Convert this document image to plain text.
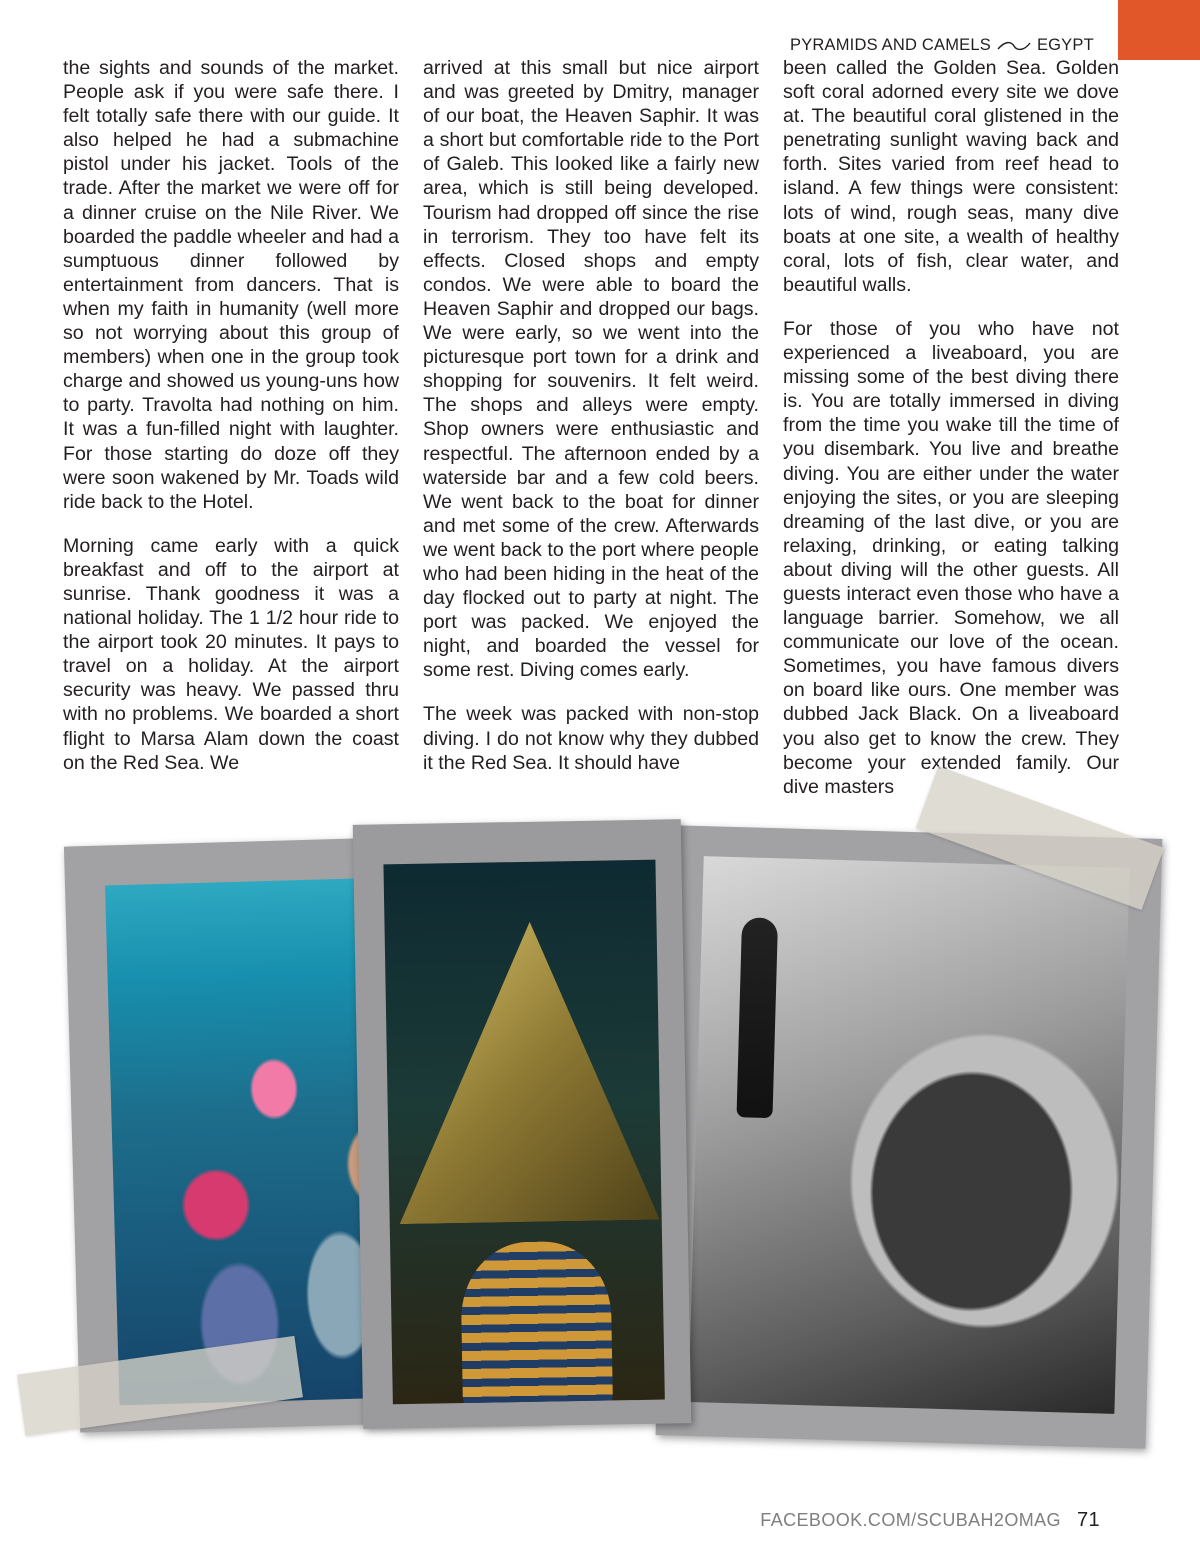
PYRAMIDS AND CAMELS	EGYPT

the sights and sounds of the market. People ask if you were safe there. I felt totally safe there with our guide. It also helped he had a submachine pistol under his jacket. Tools of the trade. After the market we were off for a dinner cruise on the Nile River. We boarded the paddle wheeler and had a sumptuous dinner followed by entertainment from dancers. That is when my faith in humanity (well more so not worrying about this group of members) when one in the group took charge and showed us young-uns how to party. Travolta had nothing on him. It was a fun-filled night with laughter. For those starting do doze off they were soon wakened by Mr. Toads wild ride back to the Hotel.

Morning came early with a quick breakfast and off to the airport at sunrise. Thank goodness it was a national holiday. The 1 1/2 hour ride to the airport took 20 minutes. It pays to travel on a holiday. At the airport security was heavy. We passed thru with no problems. We boarded a short flight to Marsa Alam down the coast on the Red Sea. We

arrived at this small but nice airport and was greeted by Dmitry, manager of our boat, the Heaven Saphir. It was a short but comfortable ride to the Port of Galeb. This looked like a fairly new area, which is still being developed. Tourism had dropped off since the rise in terrorism. They too have felt its effects. Closed shops and empty condos. We were able to board the Heaven Saphir and dropped our bags. We were early, so we went into the picturesque port town for a drink and shopping for souvenirs. It felt weird. The shops and alleys were empty. Shop owners were enthusiastic and respectful. The afternoon ended by a waterside bar and a few cold beers. We went back to the boat for dinner and met some of the crew. Afterwards we went back to the port where people who had been hiding in the heat of the day flocked out to party at night. The port was packed. We enjoyed the night, and boarded the vessel for some rest. Diving comes early.

The week was packed with non-stop diving. I do not know why they dubbed it the Red Sea. It should have

been called the Golden Sea. Golden soft coral adorned every site we dove at. The beautiful coral glistened in the penetrating sunlight waving back and forth. Sites varied from reef head to island. A few things were consistent: lots of wind, rough seas, many dive boats at one site, a wealth of healthy coral, lots of fish, clear water, and beautiful walls.

For those of you who have not experienced a liveaboard, you are missing some of the best diving there is. You are totally immersed in diving from the time you wake till the time of you disembark. You live and breathe diving. You are either under the water enjoying the sites, or you are sleeping dreaming of the last dive, or you are relaxing, drinking, or eating talking about diving will the other guests. All guests interact even those who have a language barrier. Somehow, we all communicate our love of the ocean. Sometimes, you have famous divers on board like ours. One member was dubbed Jack Black. On a liveaboard you also get to know the crew. They become your extended family. Our dive masters

FACEBOOK.COM/SCUBAH2OMAG 71
